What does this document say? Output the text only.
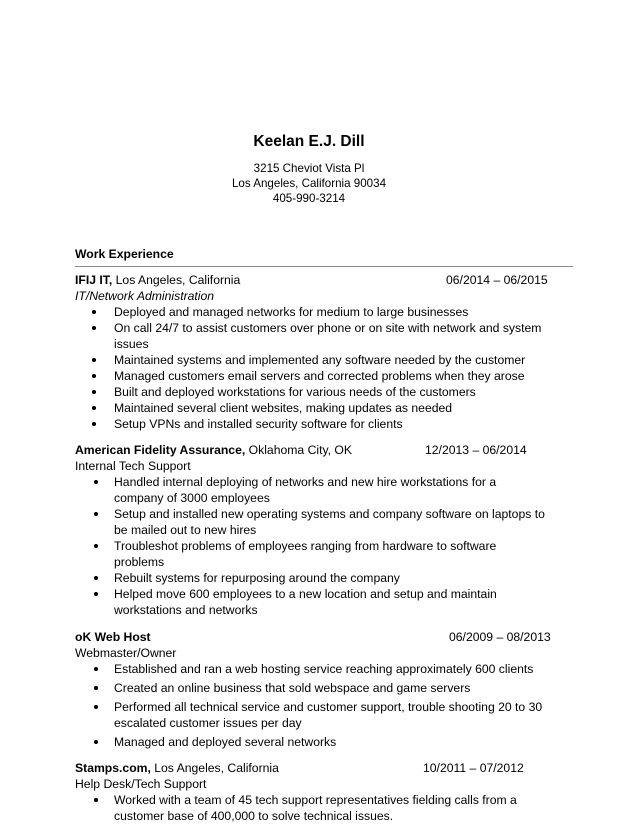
Keelan E.J. Dill
3215 Cheviot Vista Pl
Los Angeles, California 90034
405-990-3214
Work Experience
IFIJ IT, Los Angeles, California	06/2014 – 06/2015
IT/Network Administration
Deployed and managed networks for medium to large businesses
On call 24/7 to assist customers over phone or on site with network and system issues
Maintained systems and implemented any software needed by the customer
Managed customers email servers and corrected problems when they arose
Built and deployed workstations for various needs of the customers
Maintained several client websites, making updates as needed
Setup VPNs and installed security software for clients
American Fidelity Assurance, Oklahoma City, OK	12/2013 – 06/2014
Internal Tech Support
Handled internal deploying of networks and new hire workstations for a company of 3000 employees
Setup and installed new operating systems and company software on laptops to be mailed out to new hires
Troubleshot problems of employees ranging from hardware to software problems
Rebuilt systems for repurposing around the company
Helped move 600 employees to a new location and setup and maintain workstations and networks
oK Web Host	06/2009 – 08/2013
Webmaster/Owner
Established and ran a web hosting service reaching approximately 600 clients
Created an online business that sold webspace and game servers
Performed all technical service and customer support, trouble shooting 20 to 30 escalated customer issues per day
Managed and deployed several networks
Stamps.com, Los Angeles, California	10/2011 – 07/2012
Help Desk/Tech Support
Worked with a team of 45 tech support representatives fielding calls from a customer base of 400,000 to solve technical issues.
